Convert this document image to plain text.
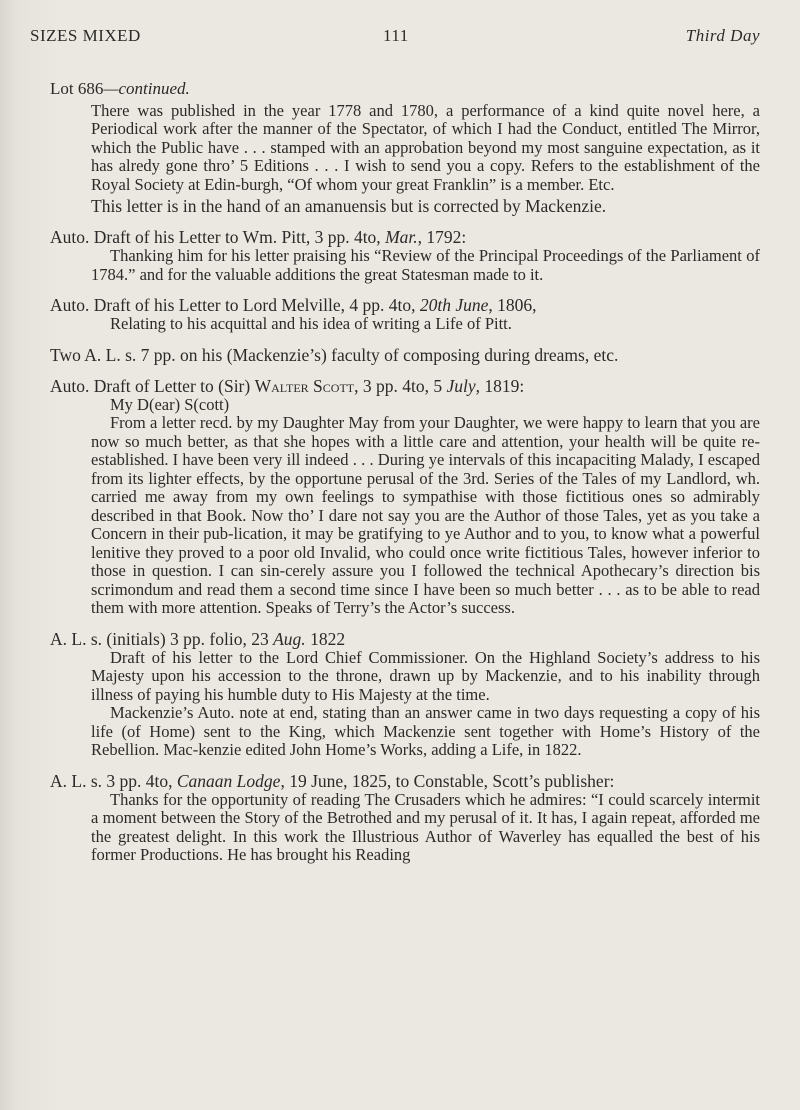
SIZES MIXED	111	Third Day

Lot 686—continued.

There was published in the year 1778 and 1780, a performance of a kind quite novel here, a Periodical work after the manner of the Spectator, of which I had the Conduct, entitled The Mirror, which the Public have . . . stamped with an approbation beyond my most sanguine expectation, as it has alredy gone thro’ 5 Editions . . . I wish to send you a copy. Refers to the establishment of the Royal Society at Edin-burgh, “Of whom your great Franklin” is a member. Etc.

This letter is in the hand of an amanuensis but is corrected by Mackenzie.

Auto. Draft of his Letter to Wm. Pitt, 3 pp. 4to, Mar., 1792:

Thanking him for his letter praising his “Review of the Principal Proceedings of the Parliament of 1784.” and for the valuable additions the great Statesman made to it.

Auto. Draft of his Letter to Lord Melville, 4 pp. 4to, 20th June, 1806,

Relating to his acquittal and his idea of writing a Life of Pitt.

Two A. L. s. 7 pp. on his (Mackenzie’s) faculty of composing during dreams, etc.

Auto. Draft of Letter to (Sir) Walter Scott, 3 pp. 4to, 5 July, 1819:

My D(ear) S(cott)

From a letter recd. by my Daughter May from your Daughter, we were happy to learn that you are now so much better, as that she hopes with a little care and attention, your health will be quite re-established. I have been very ill indeed . . . During ye intervals of this incapaciting Malady, I escaped from its lighter effects, by the opportune perusal of the 3rd. Series of the Tales of my Landlord, wh. carried me away from my own feelings to sympathise with those fictitious ones so admirably described in that Book. Now tho’ I dare not say you are the Author of those Tales, yet as you take a Concern in their pub-lication, it may be gratifying to ye Author and to you, to know what a powerful lenitive they proved to a poor old Invalid, who could once write fictitious Tales, however inferior to those in question. I can sin-cerely assure you I followed the technical Apothecary’s direction bis scrimondum and read them a second time since I have been so much better . . . as to be able to read them with more attention. Speaks of Terry’s the Actor’s success.

A. L. s. (initials) 3 pp. folio, 23 Aug. 1822

Draft of his letter to the Lord Chief Commissioner. On the Highland Society’s address to his Majesty upon his accession to the throne, drawn up by Mackenzie, and to his inability through illness of paying his humble duty to His Majesty at the time.

Mackenzie’s Auto. note at end, stating than an answer came in two days requesting a copy of his life (of Home) sent to the King, which Mackenzie sent together with Home’s History of the Rebellion. Mac-kenzie edited John Home’s Works, adding a Life, in 1822.

A. L. s. 3 pp. 4to, Canaan Lodge, 19 June, 1825, to Constable, Scott’s publisher:

Thanks for the opportunity of reading The Crusaders which he admires: “I could scarcely intermit a moment between the Story of the Betrothed and my perusal of it. It has, I again repeat, afforded me the greatest delight. In this work the Illustrious Author of Waverley has equalled the best of his former Productions. He has brought his Reading
